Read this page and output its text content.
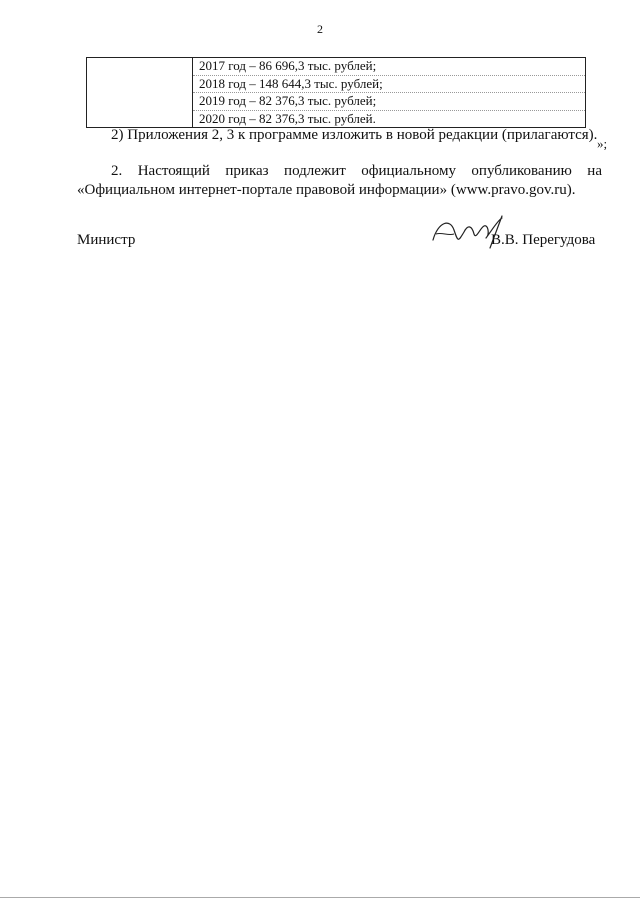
2

2017 год – 86 696,3 тыс. рублей;
2018 год – 148 644,3 тыс. рублей;
2019 год – 82 376,3 тыс. рублей;
2020 год – 82 376,3 тыс. рублей.
»;
2) Приложения 2, 3 к программе изложить в новой редакции (прилагаются).
2. Настоящий приказ подлежит официальному опубликованию на «Официальном интернет-портале правовой информации» (www.pravo.gov.ru).
Министр	В.В. Перегудова
